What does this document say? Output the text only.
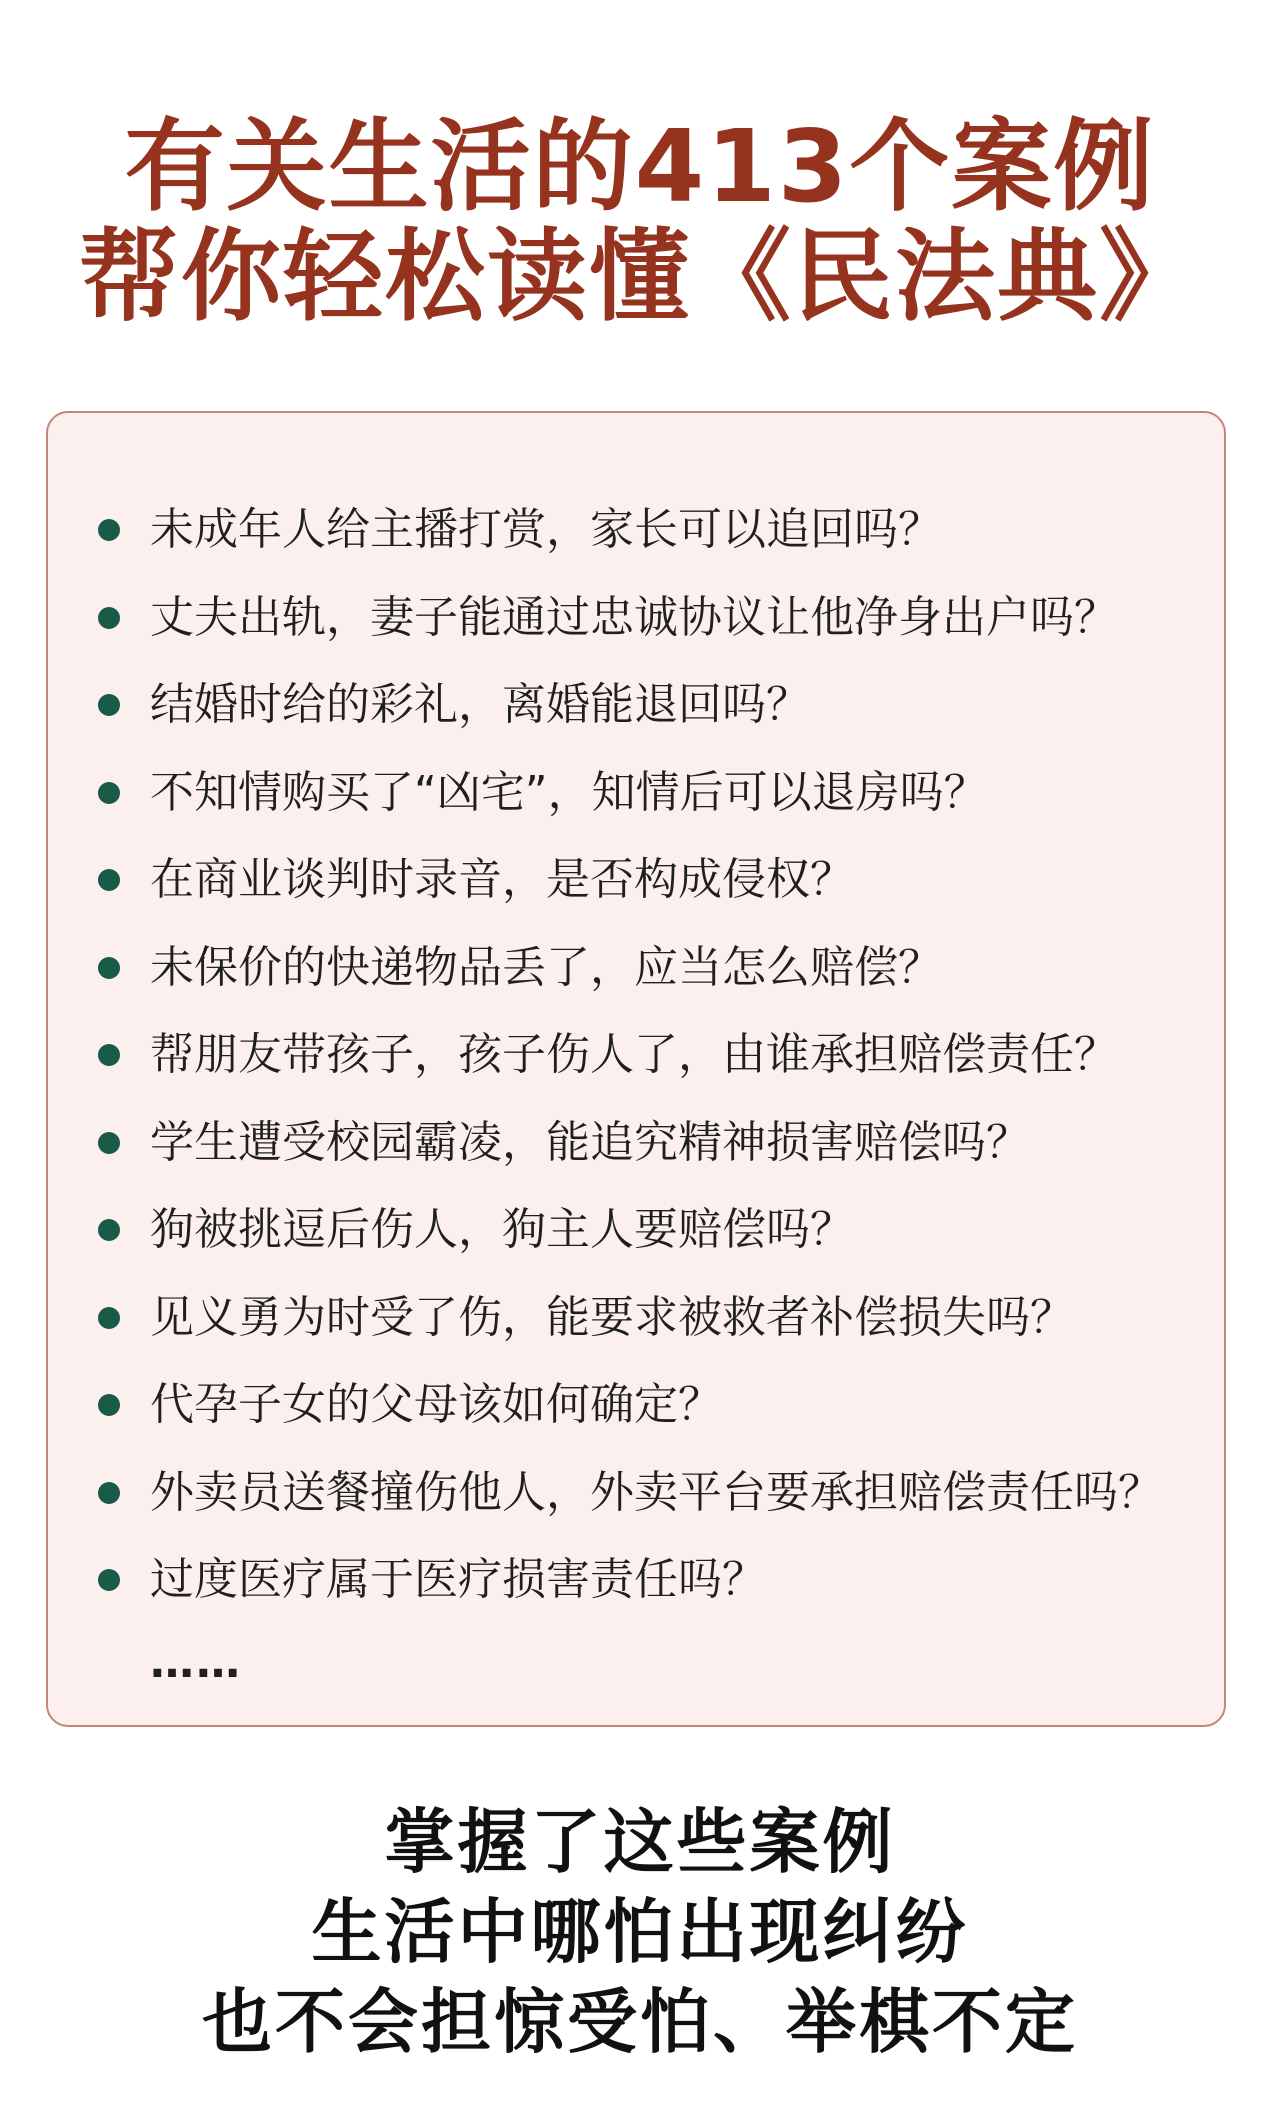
有关生活的413个案例
帮你轻松读懂《民法典》
未成年人给主播打赏，家长可以追回吗？
丈夫出轨，妻子能通过忠诚协议让他净身出户吗？
结婚时给的彩礼，离婚能退回吗？
不知情购买了“凶宅”，知情后可以退房吗？
在商业谈判时录音，是否构成侵权？
未保价的快递物品丢了，应当怎么赔偿？
帮朋友带孩子，孩子伤人了，由谁承担赔偿责任？
学生遭受校园霸凌，能追究精神损害赔偿吗？
狗被挑逗后伤人，狗主人要赔偿吗？
见义勇为时受了伤，能要求被救者补偿损失吗？
代孕子女的父母该如何确定？
外卖员送餐撞伤他人，外卖平台要承担赔偿责任吗？
过度医疗属于医疗损害责任吗？
……
掌握了这些案例
生活中哪怕出现纠纷
也不会担惊受怕、举棋不定
